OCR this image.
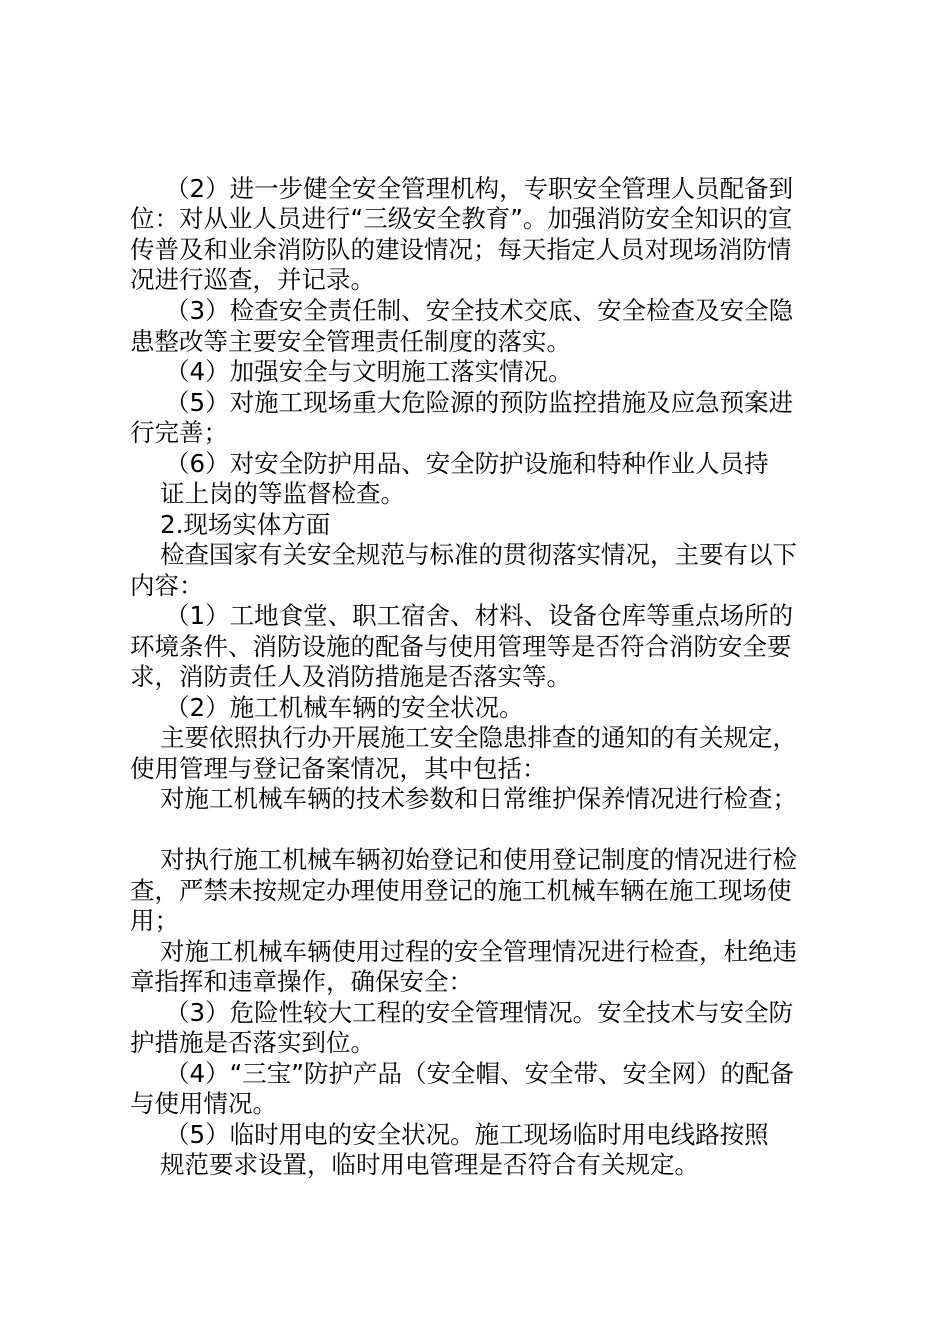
（2）进一步健全安全管理机构，专职安全管理人员配备到
位：对从业人员进行“三级安全教育”。加强消防安全知识的宣
传普及和业余消防队的建设情况；每天指定人员对现场消防情
况进行巡查，并记录。
（3）检查安全责任制、安全技术交底、安全检查及安全隐
患整改等主要安全管理责任制度的落实。
（4）加强安全与文明施工落实情况。
（5）对施工现场重大危险源的预防监控措施及应急预案进
行完善；
（6）对安全防护用品、安全防护设施和特种作业人员持
证上岗的等监督检查。
2.现场实体方面
检查国家有关安全规范与标准的贯彻落实情况，主要有以下
内容：
（1）工地食堂、职工宿舍、材料、设备仓库等重点场所的
环境条件、消防设施的配备与使用管理等是否符合消防安全要
求，消防责任人及消防措施是否落实等。
（2）施工机械车辆的安全状况。
主要依照执行办开展施工安全隐患排查的通知的有关规定，
使用管理与登记备案情况，其中包括：
对施工机械车辆的技术参数和日常维护保养情况进行检查；
对执行施工机械车辆初始登记和使用登记制度的情况进行检
查，严禁未按规定办理使用登记的施工机械车辆在施工现场使
用；
对施工机械车辆使用过程的安全管理情况进行检查，杜绝违
章指挥和违章操作，确保安全：
（3）危险性较大工程的安全管理情况。安全技术与安全防
护措施是否落实到位。
（4）“三宝”防护产品（安全帽、安全带、安全网）的配备
与使用情况。
（5）临时用电的安全状况。施工现场临时用电线路按照
规范要求设置，临时用电管理是否符合有关规定。
